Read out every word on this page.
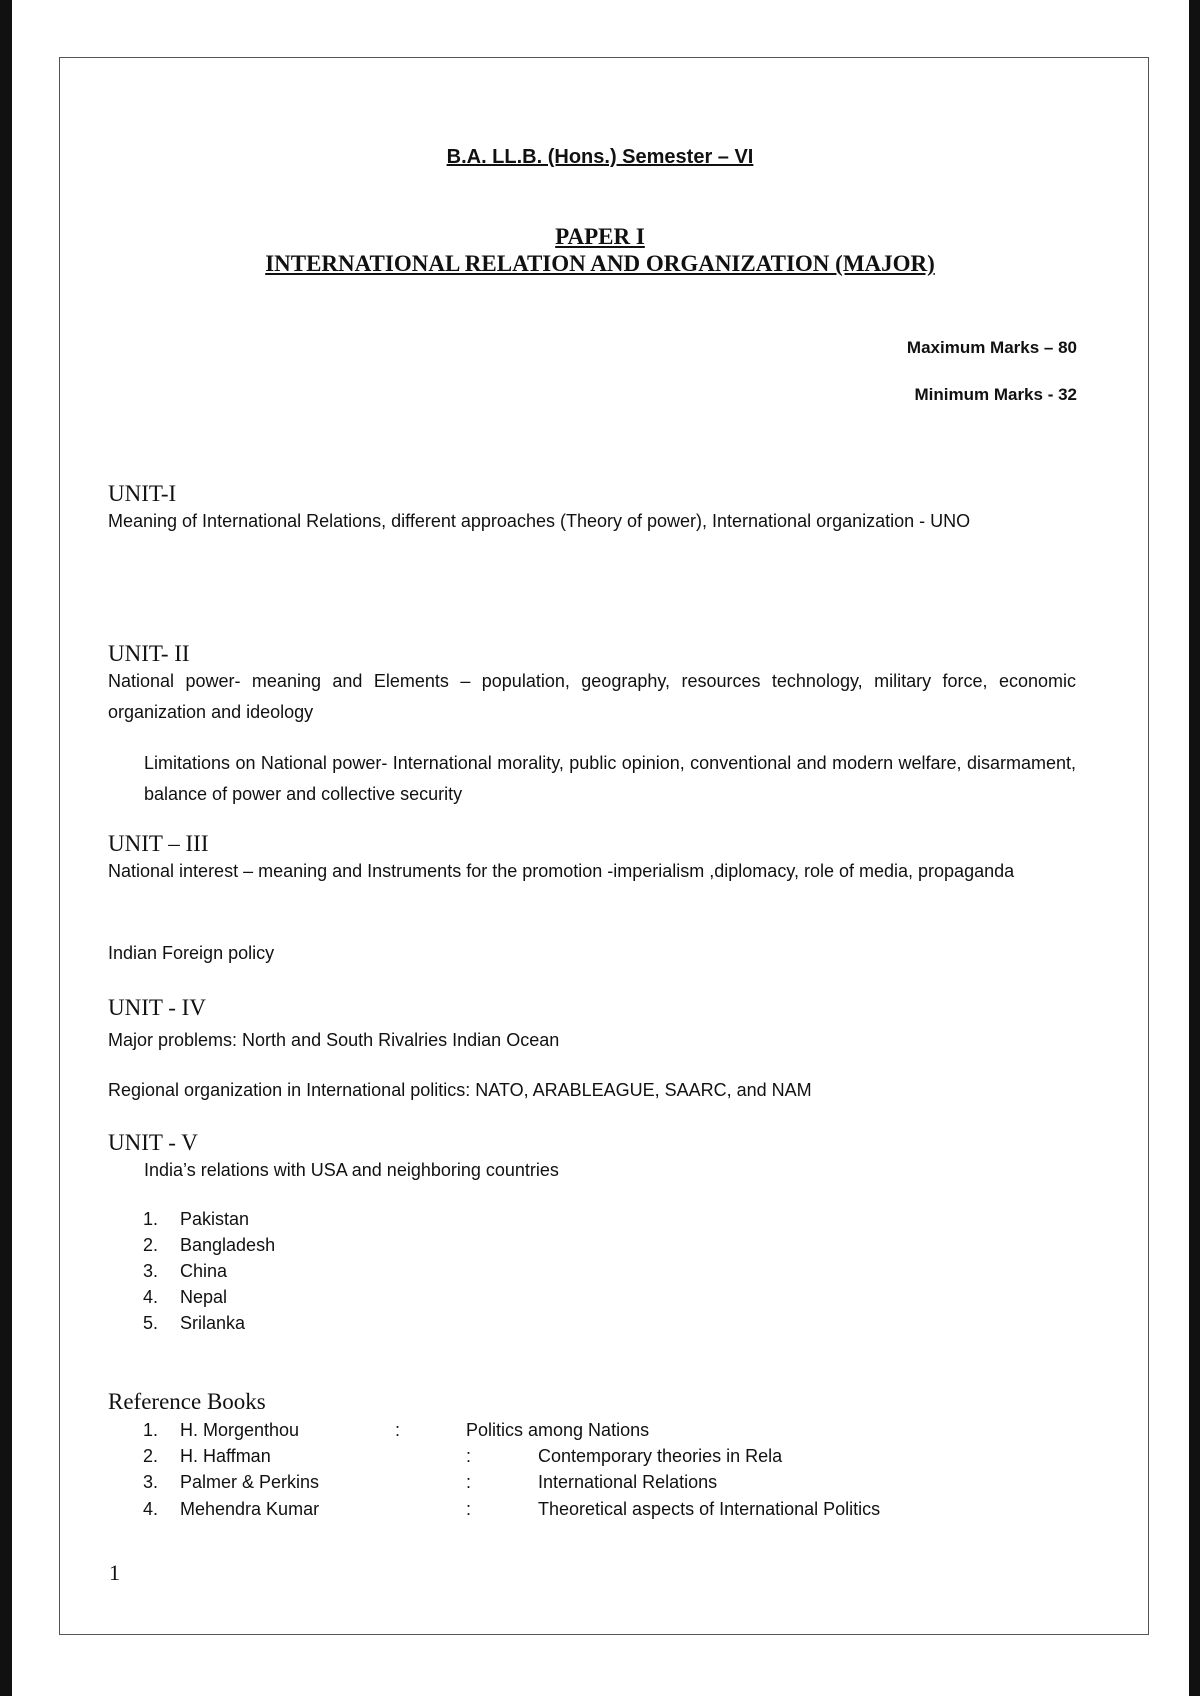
B.A. LL.B. (Hons.) Semester – VI
PAPER I
INTERNATIONAL RELATION AND ORGANIZATION (MAJOR)
Maximum Marks – 80
Minimum Marks - 32
UNIT-I
Meaning of International Relations, different approaches (Theory of power), International organization - UNO
UNIT- II
National power- meaning and Elements – population, geography, resources technology, military force, economic organization and ideology
Limitations on National power- International morality, public opinion, conventional and modern welfare, disarmament, balance of power and collective security
UNIT – III
National interest – meaning and Instruments for the promotion -imperialism ,diplomacy, role of media, propaganda
Indian Foreign policy
UNIT - IV
Major problems: North and South Rivalries Indian Ocean
Regional organization in International politics: NATO, ARABLEAGUE, SAARC, and NAM
UNIT - V
India’s relations with USA and neighboring countries
1. Pakistan
2. Bangladesh
3. China
4. Nepal
5. Srilanka
Reference Books
1. H. Morgenthou	:	Politics among Nations
2. H. Haffman	:	Contemporary theories in Rela
3. Palmer & Perkins	:	International Relations
4. Mehendra Kumar	:	Theoretical aspects of International Politics
1
